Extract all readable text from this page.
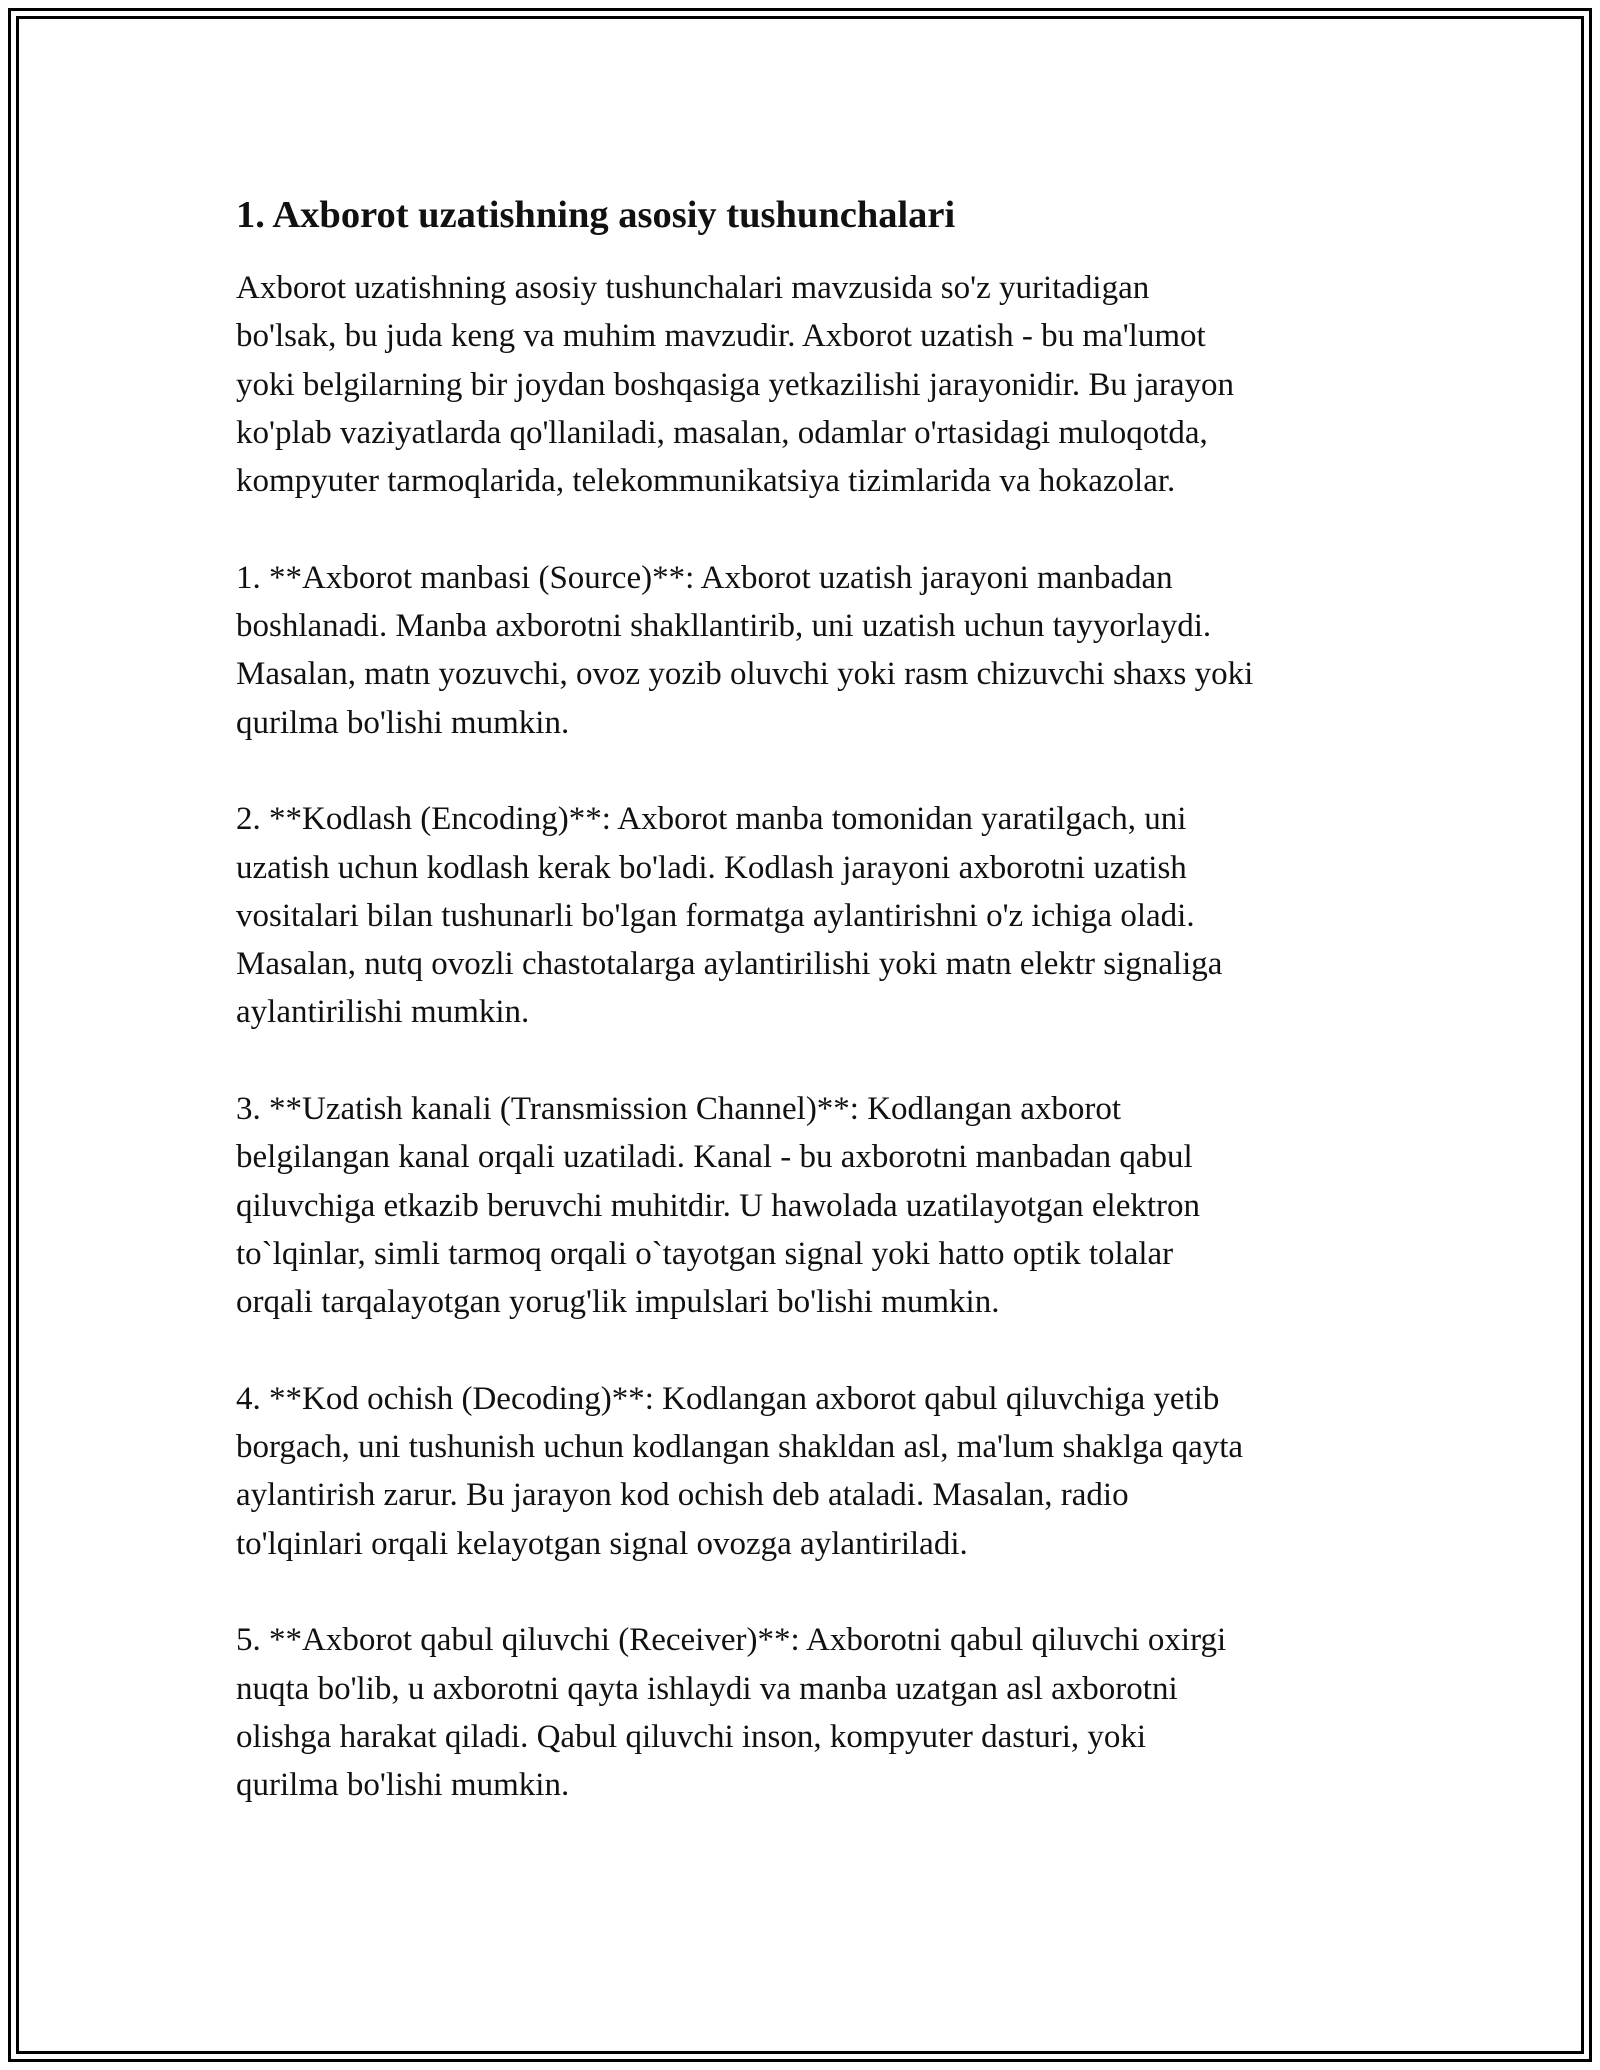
1. Axborot uzatishning asosiy tushunchalari

Axborot uzatishning asosiy tushunchalari mavzusida so'z yuritadigan
bo'lsak, bu juda keng va muhim mavzudir. Axborot uzatish - bu ma'lumot
yoki belgilarning bir joydan boshqasiga yetkazilishi jarayonidir. Bu jarayon
ko'plab vaziyatlarda qo'llaniladi, masalan, odamlar o'rtasidagi muloqotda,
kompyuter tarmoqlarida, telekommunikatsiya tizimlarida va hokazolar.

1. **Axborot manbasi (Source)**: Axborot uzatish jarayoni manbadan
boshlanadi. Manba axborotni shakllantirib, uni uzatish uchun tayyorlaydi.
Masalan, matn yozuvchi, ovoz yozib oluvchi yoki rasm chizuvchi shaxs yoki
qurilma bo'lishi mumkin.

2. **Kodlash (Encoding)**: Axborot manba tomonidan yaratilgach, uni
uzatish uchun kodlash kerak bo'ladi. Kodlash jarayoni axborotni uzatish
vositalari bilan tushunarli bo'lgan formatga aylantirishni o'z ichiga oladi.
Masalan, nutq ovozli chastotalarga aylantirilishi yoki matn elektr signaliga
aylantirilishi mumkin.

3. **Uzatish kanali (Transmission Channel)**: Kodlangan axborot
belgilangan kanal orqali uzatiladi. Kanal - bu axborotni manbadan qabul
qiluvchiga etkazib beruvchi muhitdir. U hawolada uzatilayotgan elektron
to`lqinlar, simli tarmoq orqali o`tayotgan signal yoki hatto optik tolalar
orqali tarqalayotgan yorug'lik impulslari bo'lishi mumkin.

4. **Kod ochish (Decoding)**: Kodlangan axborot qabul qiluvchiga yetib
borgach, uni tushunish uchun kodlangan shakldan asl, ma'lum shaklga qayta
aylantirish zarur. Bu jarayon kod ochish deb ataladi. Masalan, radio
to'lqinlari orqali kelayotgan signal ovozga aylantiriladi.

5. **Axborot qabul qiluvchi (Receiver)**: Axborotni qabul qiluvchi oxirgi
nuqta bo'lib, u axborotni qayta ishlaydi va manba uzatgan asl axborotni
olishga harakat qiladi. Qabul qiluvchi inson, kompyuter dasturi, yoki
qurilma bo'lishi mumkin.
